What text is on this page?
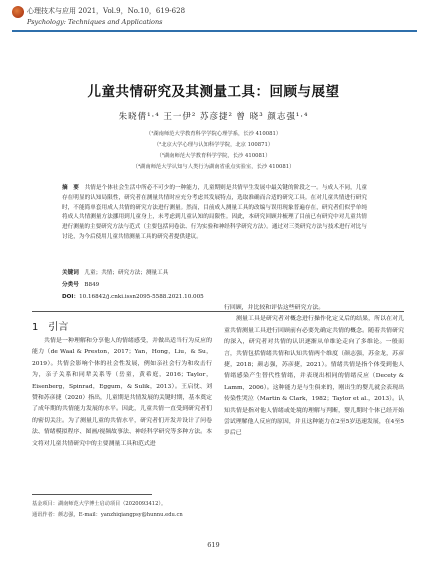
心理技术与应用 2021，Vol.9，No.10，619-628
Psychology: Techniques and Applications
儿童共情研究及其测量工具：回顾与展望
朱晓倩¹·⁴ 王一伊² 苏彦捷² 曾 晓³ 颜志强¹·⁴
（¹湖南师范大学教育科学学院心理学系，长沙 410081）
（²北京大学心理与认知科学学院，北京 100871）
（³湖南师范大学教育科学学院，长沙 410081）
（⁴湖南师范大学认知与人类行为湖南省重点实验室，长沙 410081）
摘　要　 共情是个体社会生活中所必不可少的一种能力，儿童期则是共情早生发展中最关键的阶段之一。与成人不同，儿童存在明显的认知局限性，研究者在测量共情时应充分考虑其发展特点，选取准确而合适的研究工具。在对儿童共情进行研究时，不能简单套用成人共情的研究方法进行测量。然而，目前成人测量工具的改编与误用现象普遍存在，研究者们似乎单纯将成人共情测量方法挪用到儿童身上，未考虑到儿童认知的局限性。因此，本研究回顾并梳理了目前已有研究中对儿童共情进行测量的主要研究方法与范式（主要包括问卷法、行为实验和神经科学研究方法）。通过对三类研究方法与技术进行对比与讨论，为今后使用儿童共情测量工具的研究者提供建议。
关键词　 儿童；共情；研究方法；测量工具
分类号　 B849
DOI：10.16842/j.cnki.issn2095-5588.2021.10.005
1　 引言

共情是一种理解和分享他人的情绪感受，并做出适当行为反应的能力（de Waal & Preston，2017；Yan，Hong，Liu，& Su，2019）。共情会影响个体的社会性发展，例如亲社会行为和攻击行为，亲子关系和同辈关系等（岳童，黄希庭，2016；Taylor，Eisenberg，Spinrad，Eggum，& Sulik，2013）。王启忱、刘赞和苏彦捷（2020）指出，儿童期是共情发展的关键时期，基本奠定了成年期的共情能力发展的水平。因此，儿童共情一直受到研究者们的密切关注。为了测量儿童的共情水平，研究者们开发并设计了问卷法、情绪模拟程序、图画/视频故事法、神经科学研究等多种方法。本文将对儿童共情研究中的主要测量工具和范式进

行回顾，并比较和评估这些研究方法。

测量工具是研究者对概念进行操作化定义后的结果，所以在对儿童共情测量工具进行回顾前有必要先确定共情的概念。随着共情研究的深入，研究者对共情的认识逐渐从单维论走向了多维论。一般而言，共情包括情绪共情和认知共情两个维度（颜志强，苏金龙，苏彦捷，2018；颜志强，苏彦捷，2021）。情绪共情是指个体受到他人情绪感染产生替代性情绪，并表现出相同的情绪反应（Decety & Lamm，2006）。这种能力是与生俱来的，刚出生的婴儿就会表现出传染性哭泣（Martin & Clark，1982；Taylor et al.，2013）。认知共情是指对他人情绪或处境的理解与判断，婴儿期时个体已经开始尝试理解他人反应的原因，并且这种能力在2至5岁迅速发展，在4至5岁后已

基金项目：湖南师范大学博士启动项目（2020093412）。
通讯作者：颜志强，E-mail：yanzhiqiangpsy@hunnu.edu.cn
619
